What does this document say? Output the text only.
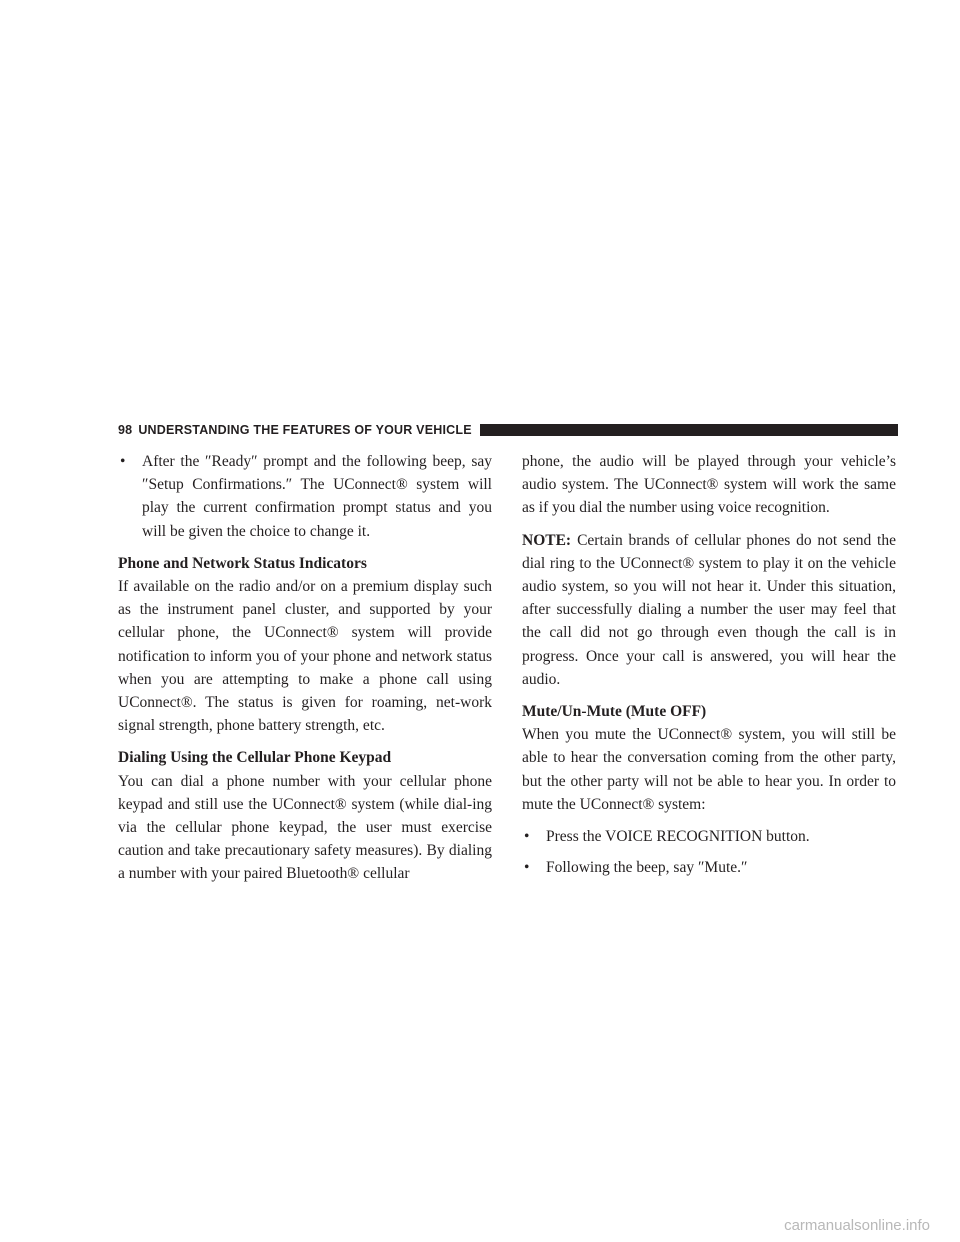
98 UNDERSTANDING THE FEATURES OF YOUR VEHICLE
•	After the ″Ready″ prompt and the following beep, say ″Setup Confirmations.″ The UConnect® system will play the current confirmation prompt status and you will be given the choice to change it.
Phone and Network Status Indicators

If available on the radio and/or on a premium display such as the instrument panel cluster, and supported by your cellular phone, the UConnect® system will provide notification to inform you of your phone and network status when you are attempting to make a phone call using UConnect®. The status is given for roaming, net-work signal strength, phone battery strength, etc.

Dialing Using the Cellular Phone Keypad

You can dial a phone number with your cellular phone keypad and still use the UConnect® system (while dial-ing via the cellular phone keypad, the user must exercise caution and take precautionary safety measures). By dialing a number with your paired Bluetooth® cellular

phone, the audio will be played through your vehicle’s audio system. The UConnect® system will work the same as if you dial the number using voice recognition.

NOTE: Certain brands of cellular phones do not send the dial ring to the UConnect® system to play it on the vehicle audio system, so you will not hear it. Under this situation, after successfully dialing a number the user may feel that the call did not go through even though the call is in progress. Once your call is answered, you will hear the audio.

Mute/Un-Mute (Mute OFF)

When you mute the UConnect® system, you will still be able to hear the conversation coming from the other party, but the other party will not be able to hear you. In order to mute the UConnect® system:

•	Press the VOICE RECOGNITION button.
•	Following the beep, say ″Mute.″
carmanualsonline.info
